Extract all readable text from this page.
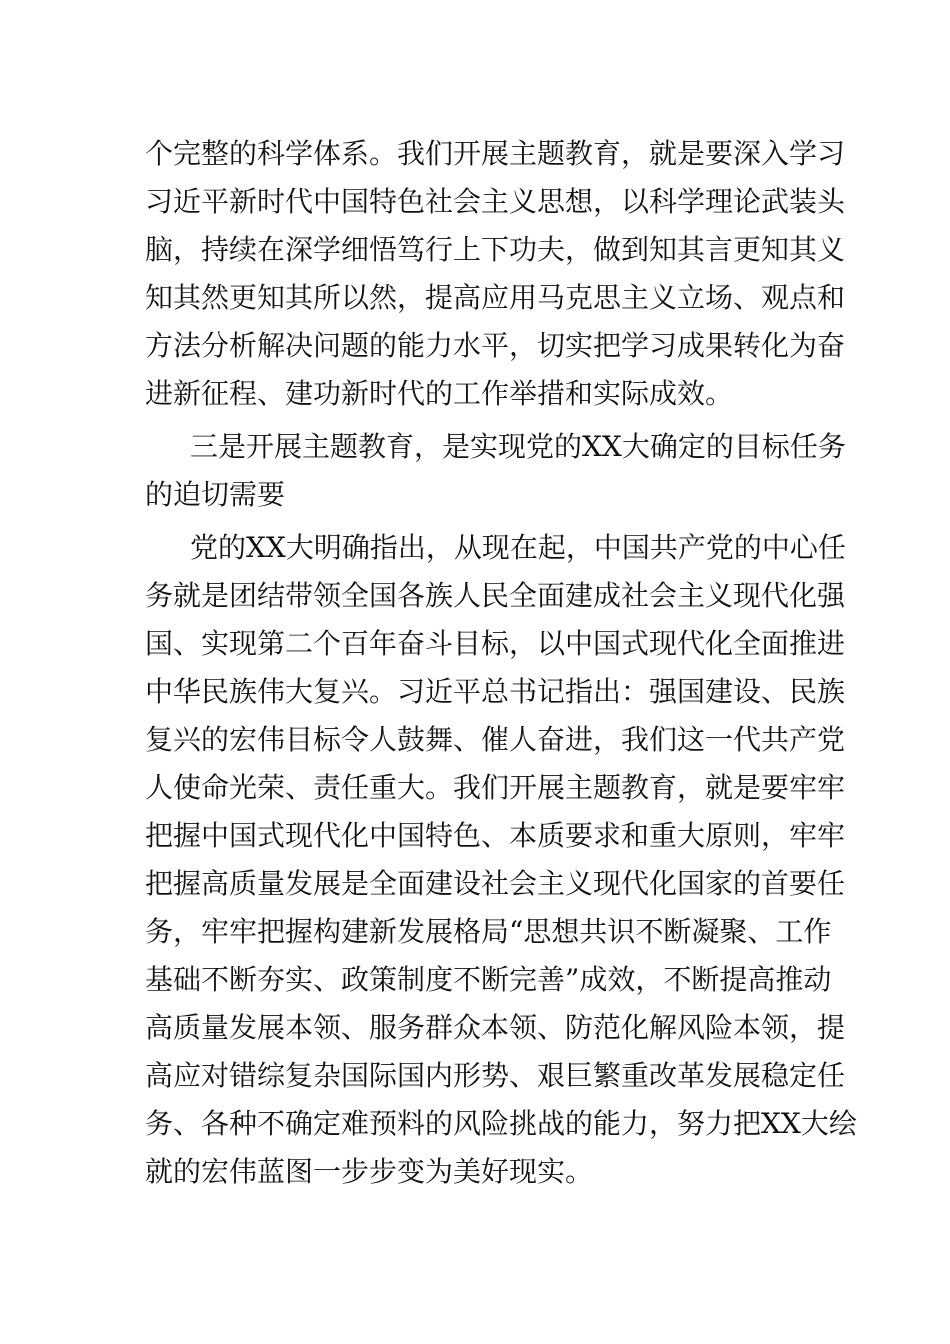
个完整的科学体系。我们开展主题教育，就是要深入学习
习近平新时代中国特色社会主义思想，以科学理论武装头
脑，持续在深学细悟笃行上下功夫，做到知其言更知其义
知其然更知其所以然，提高应用马克思主义立场、观点和
方法分析解决问题的能力水平，切实把学习成果转化为奋
进新征程、建功新时代的工作举措和实际成效。
三是开展主题教育，是实现党的XX大确定的目标任务
的迫切需要
党的XX大明确指出，从现在起，中国共产党的中心任
务就是团结带领全国各族人民全面建成社会主义现代化强
国、实现第二个百年奋斗目标，以中国式现代化全面推进
中华民族伟大复兴。习近平总书记指出：强国建设、民族
复兴的宏伟目标令人鼓舞、催人奋进，我们这一代共产党
人使命光荣、责任重大。我们开展主题教育，就是要牢牢
把握中国式现代化中国特色、本质要求和重大原则，牢牢
把握高质量发展是全面建设社会主义现代化国家的首要任
务，牢牢把握构建新发展格局“思想共识不断凝聚、工作
基础不断夯实、政策制度不断完善”成效，不断提高推动
高质量发展本领、服务群众本领、防范化解风险本领，提
高应对错综复杂国际国内形势、艰巨繁重改革发展稳定任
务、各种不确定难预料的风险挑战的能力，努力把XX大绘
就的宏伟蓝图一步步变为美好现实。
